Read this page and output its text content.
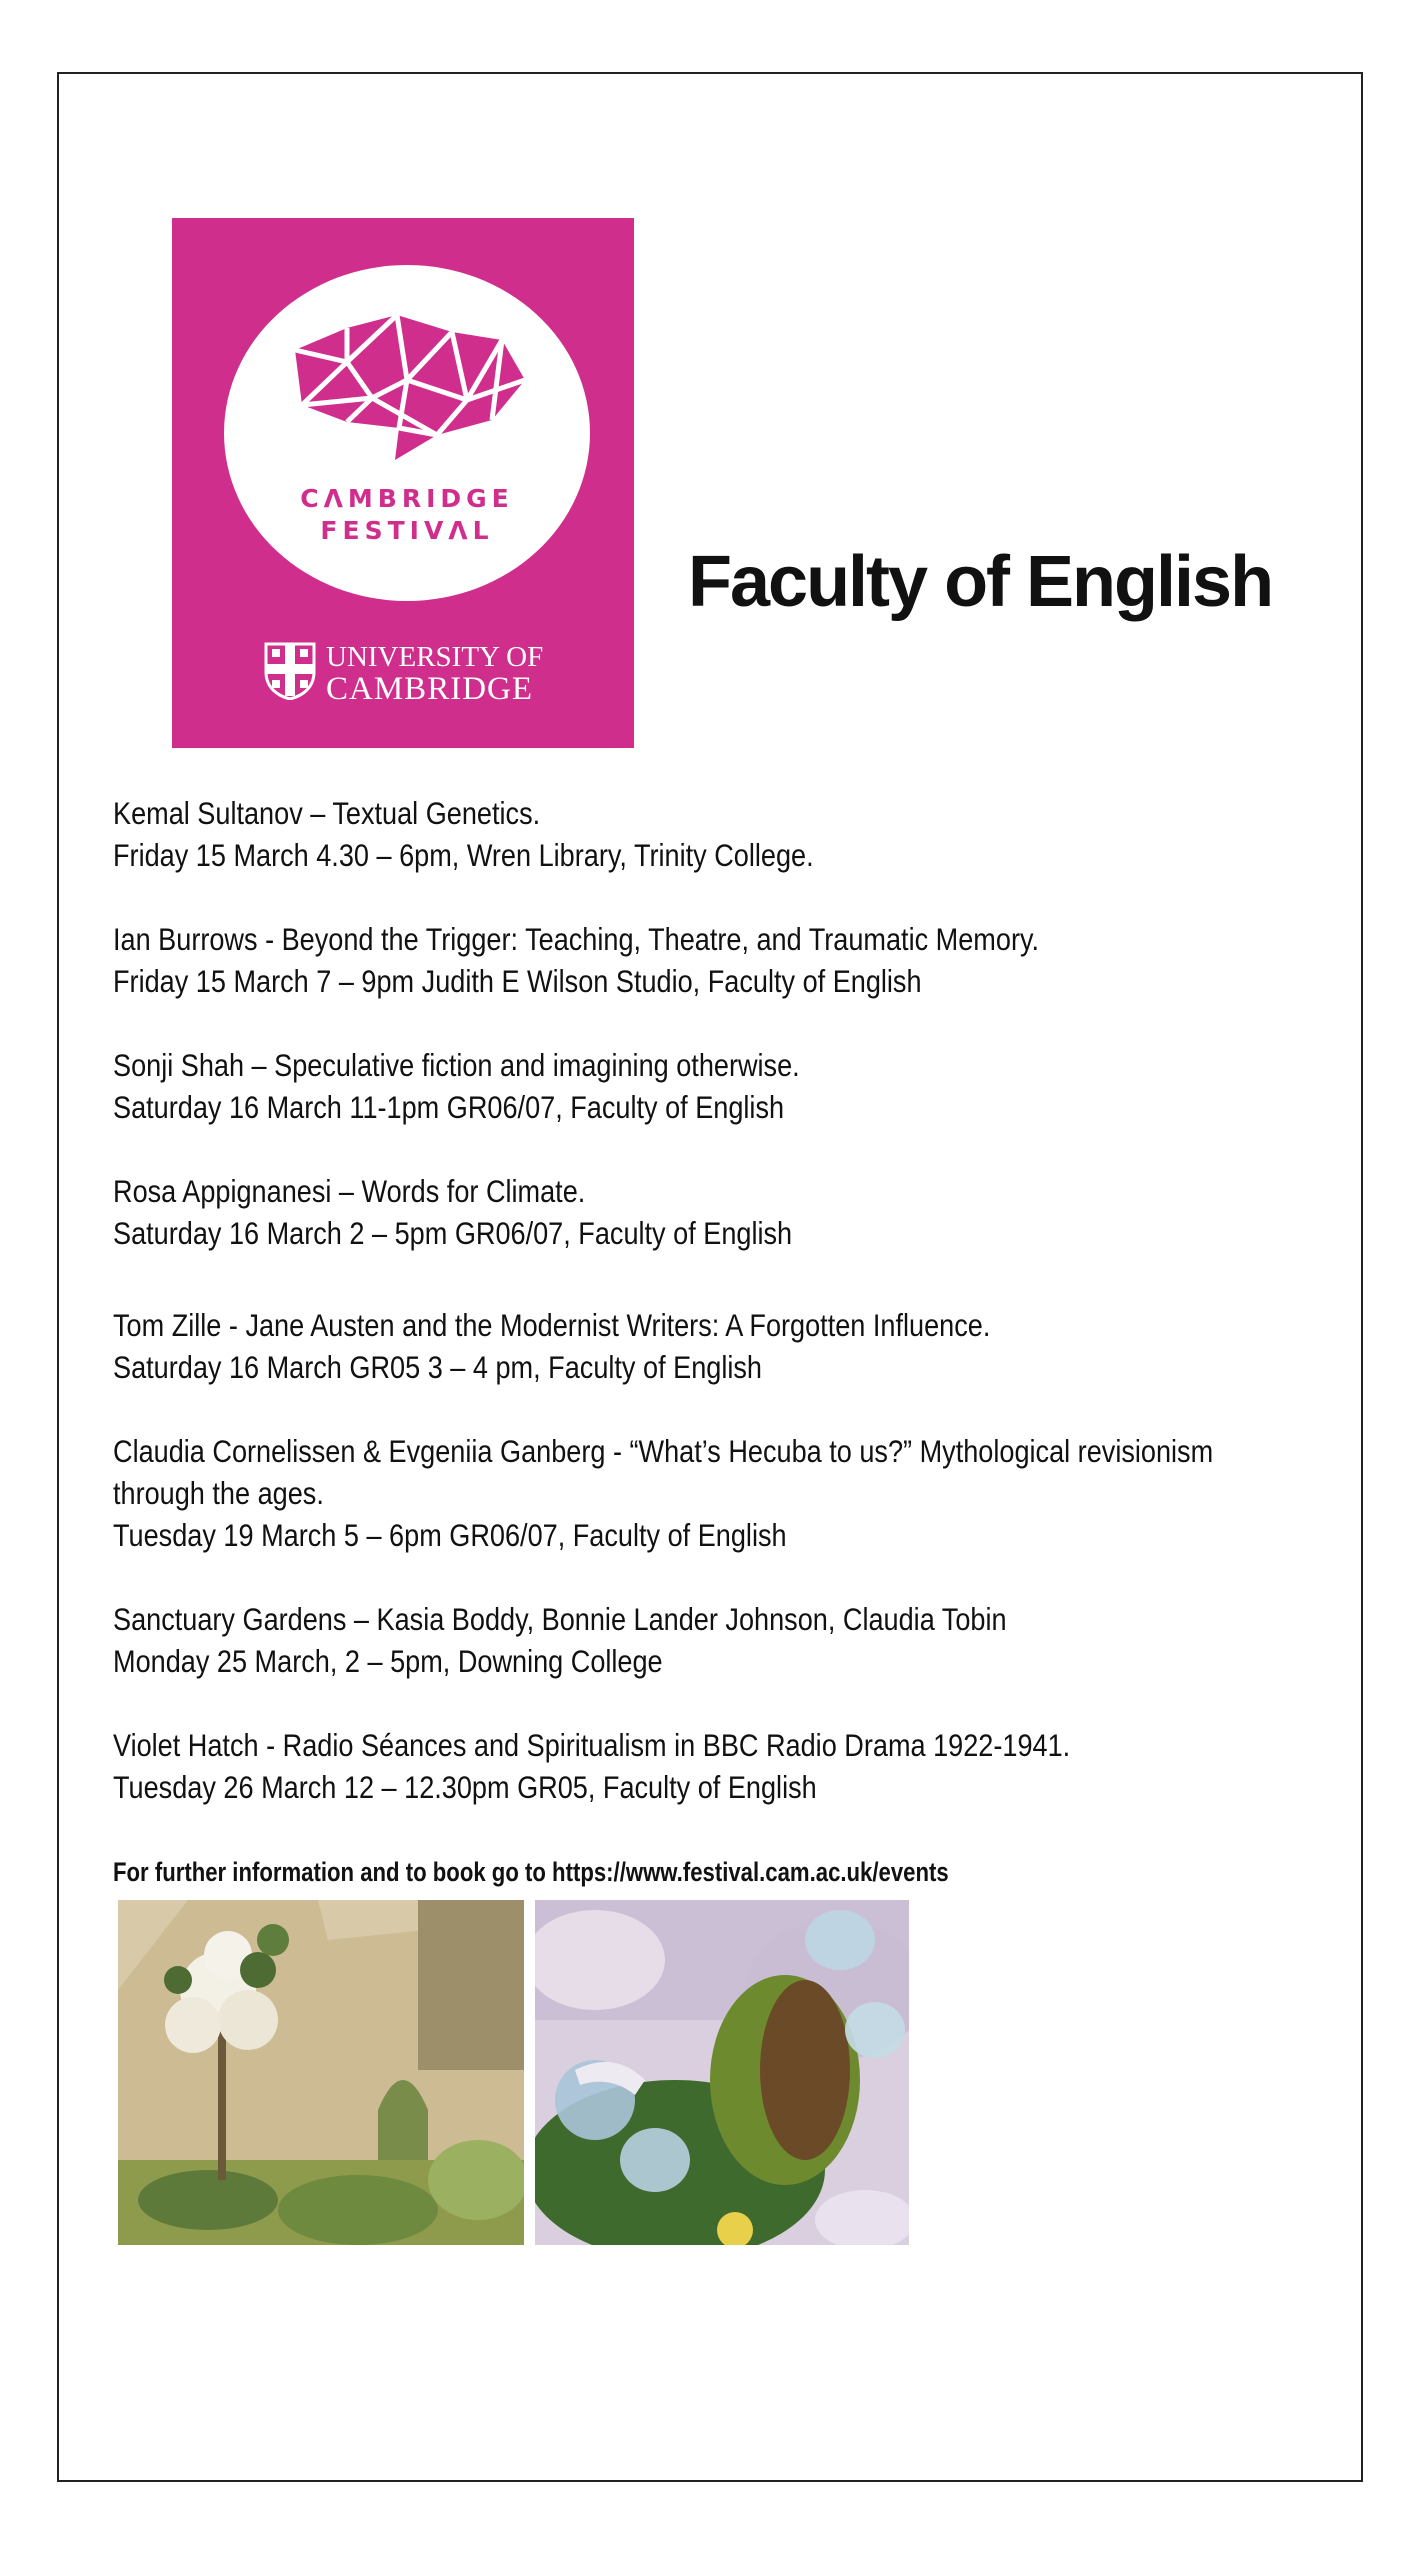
CΛMBRIDGE
FESTIVΛL
UNIVERSITY OF
CAMBRIDGE
Faculty of English
Kemal Sultanov – Textual Genetics.
Friday 15 March 4.30 – 6pm, Wren Library, Trinity College.
Ian Burrows - Beyond the Trigger: Teaching, Theatre, and Traumatic Memory.
Friday 15 March 7 – 9pm Judith E Wilson Studio, Faculty of English
Sonji Shah – Speculative fiction and imagining otherwise.
Saturday 16 March 11-1pm GR06/07, Faculty of English
Rosa Appignanesi – Words for Climate.
Saturday 16 March 2 – 5pm GR06/07, Faculty of English
Tom Zille - Jane Austen and the Modernist Writers: A Forgotten Influence.
Saturday 16 March GR05 3 – 4 pm, Faculty of English
Claudia Cornelissen & Evgeniia Ganberg - “What’s Hecuba to us?” Mythological revisionism
through the ages.
Tuesday 19 March 5 – 6pm GR06/07, Faculty of English
Sanctuary Gardens – Kasia Boddy, Bonnie Lander Johnson, Claudia Tobin
Monday 25 March, 2 – 5pm, Downing College
Violet Hatch - Radio Séances and Spiritualism in BBC Radio Drama 1922-1941.
Tuesday 26 March 12 – 12.30pm GR05, Faculty of English
For further information and to book go to https://www.festival.cam.ac.uk/events
